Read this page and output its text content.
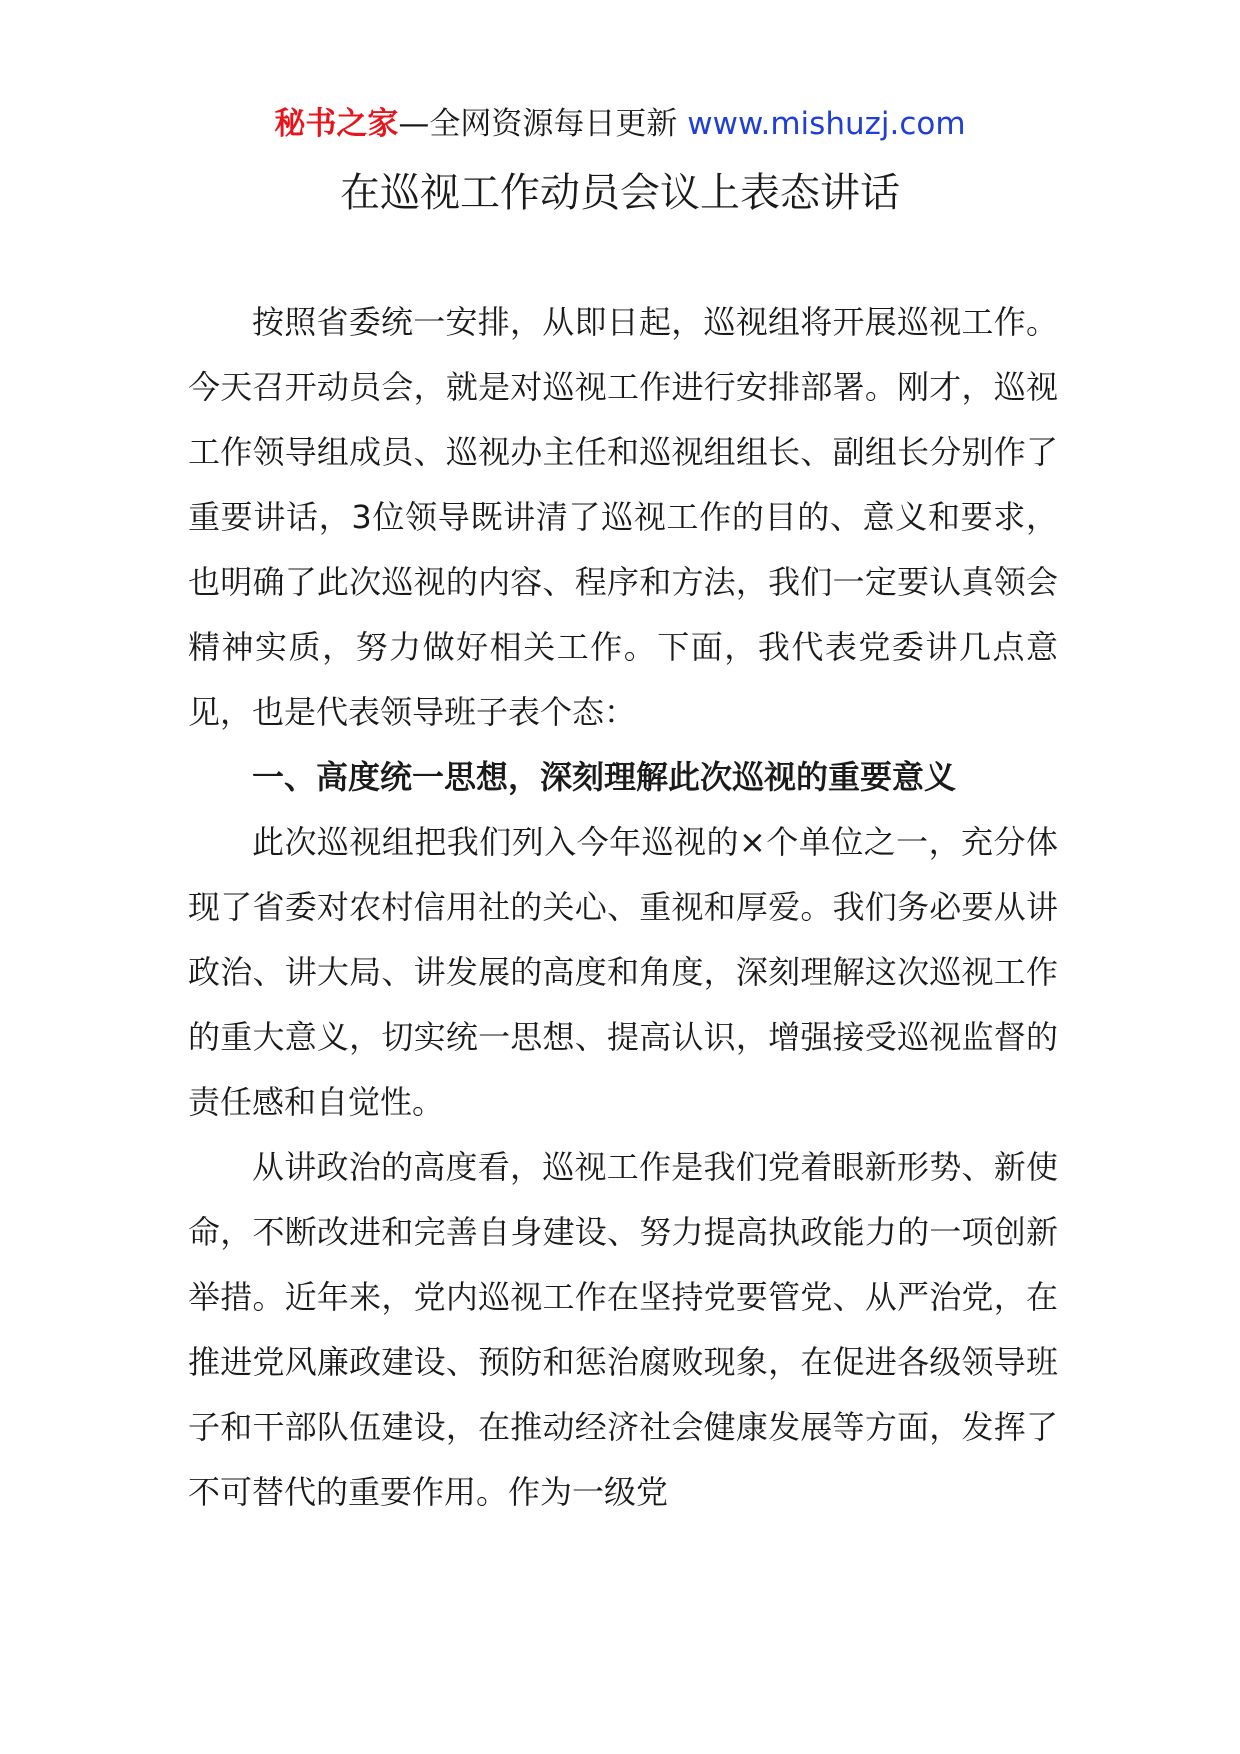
秘书之家—全网资源每日更新 www.mishuzj.com
在巡视工作动员会议上表态讲话

按照省委统一安排，从即日起，巡视组将开展巡视工作。今天召开动员会，就是对巡视工作进行安排部署。刚才，巡视工作领导组成员、巡视办主任和巡视组组长、副组长分别作了重要讲话，3位领导既讲清了巡视工作的目的、意义和要求，也明确了此次巡视的内容、程序和方法，我们一定要认真领会精神实质，努力做好相关工作。下面，我代表党委讲几点意见，也是代表领导班子表个态：

一、高度统一思想，深刻理解此次巡视的重要意义

此次巡视组把我们列入今年巡视的×个单位之一，充分体现了省委对农村信用社的关心、重视和厚爱。我们务必要从讲政治、讲大局、讲发展的高度和角度，深刻理解这次巡视工作的重大意义，切实统一思想、提高认识，增强接受巡视监督的责任感和自觉性。

从讲政治的高度看，巡视工作是我们党着眼新形势、新使命，不断改进和完善自身建设、努力提高执政能力的一项创新举措。近年来，党内巡视工作在坚持党要管党、从严治党，在推进党风廉政建设、预防和惩治腐败现象，在促进各级领导班子和干部队伍建设，在推动经济社会健康发展等方面，发挥了不可替代的重要作用。作为一级党
